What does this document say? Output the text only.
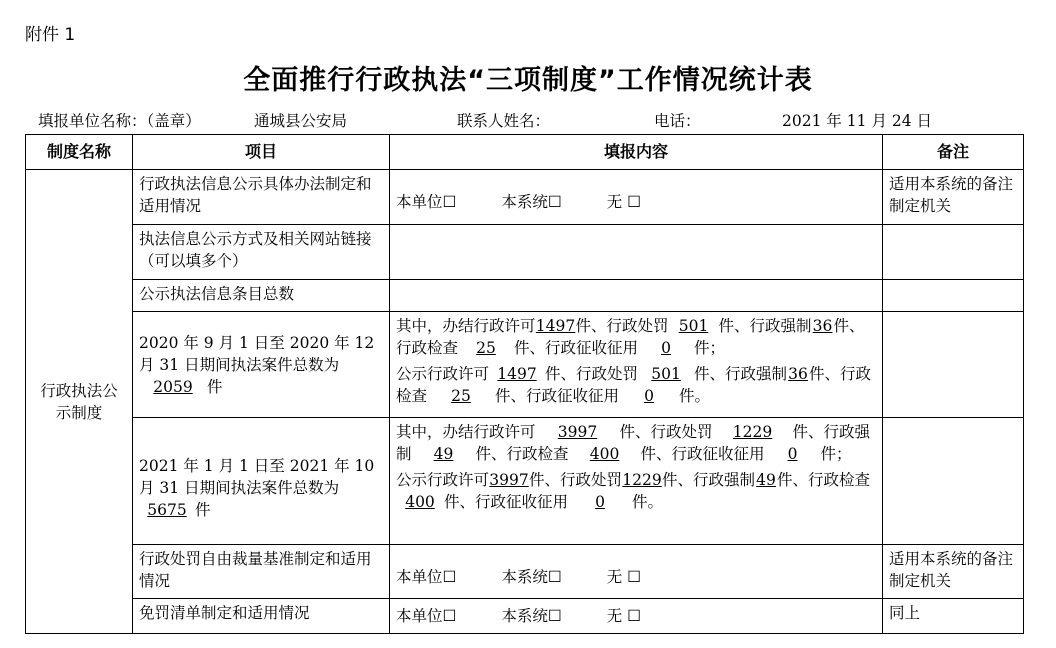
附件 1
全面推行行政执法“三项制度”工作情况统计表
填报单位名称：（盖章）	通城县公安局	联系人姓名：	电话：	2021 年 11 月 24 日
制度名称	项目	填报内容	备注

行政执法公示制度	行政执法信息公示具体办法制定和适用情况	本单位☐ 本系统☐ 无 ☐	适用本系统的备注制定机关
	执法信息公示方式及相关网站链接（可以填多个）		
	公示执法信息条目总数		

	2020 年 9 月 1 日至 2020 年 12 月 31 日期间执法案件总数为2059 件	其中，办结行政许可1497件、行政处罚 501 件、行政强制36件、行政检查 25 件、行政征收征用 0 件；
公示行政许可 1497 件、行政处罚 501 件、行政强制36件、行政检查 25 件、行政征收征用 0 件。	

	2021 年 1 月 1 日至 2021 年 10 月 31 日期间执法案件总数为5675 件	其中，办结行政许可 3997 件、行政处罚 1229 件、行政强制 49 件、行政检查 400 件、行政征收征用 0 件；
公示行政许可3997件、行政处罚1229件、行政强制49件、行政检查400 件、行政征收征用 0 件。	

	行政处罚自由裁量基准制定和适用情况	本单位☐ 本系统☐ 无 ☐	适用本系统的备注制定机关
	免罚清单制定和适用情况	本单位☐ 本系统☐ 无 ☐	同上
